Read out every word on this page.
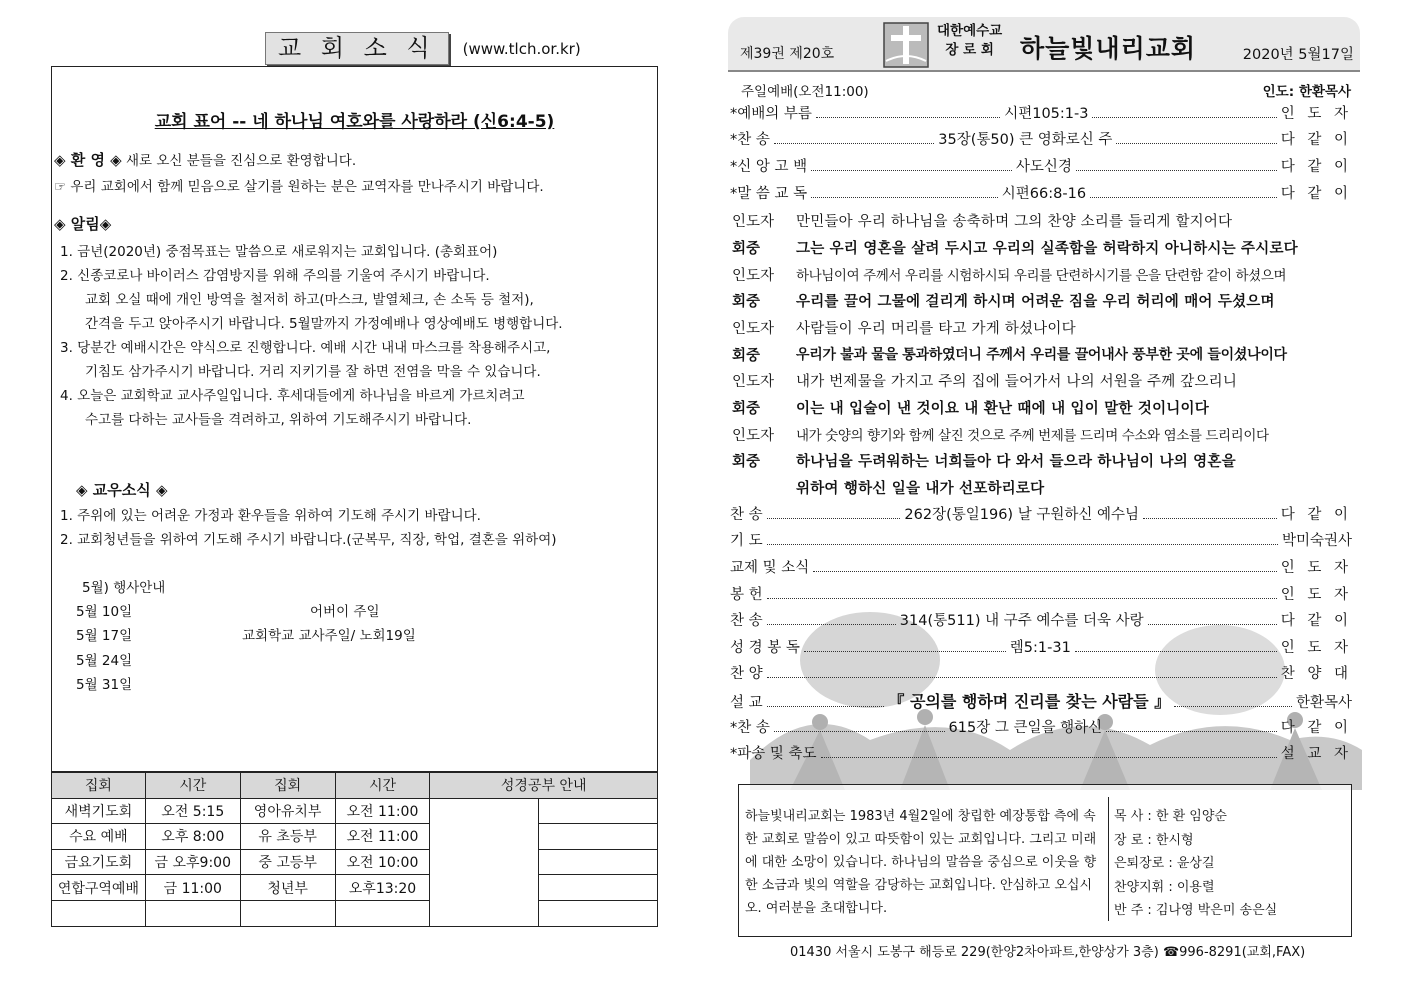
교 회 소 식	(www.tlch.or.kr)
교회 표어 -- 네 하나님 여호와를 사랑하라 (신6:4-5)
◈ 환 영 ◈ 새로 오신 분들을 진심으로 환영합니다.
☞ 우리 교회에서 함께 믿음으로 살기를 원하는 분은 교역자를 만나주시기 바랍니다.
◈ 알림◈
1. 금년(2020년) 중점목표는 말씀으로 새로워지는 교회입니다. (총회표어)
2. 신종코로나 바이러스 감염방지를 위해 주의를 기울여 주시기 바랍니다.
교회 오실 때에 개인 방역을 철저히 하고(마스크, 발열체크, 손 소독 등 철저),
간격을 두고 앉아주시기 바랍니다. 5월말까지 가정예배나 영상예배도 병행합니다.
3. 당분간 예배시간은 약식으로 진행합니다. 예배 시간 내내 마스크를 착용해주시고,
기침도 삼가주시기 바랍니다. 거리 지키기를 잘 하면 전염을 막을 수 있습니다.
4. 오늘은 교회학교 교사주일입니다. 후세대들에게 하나님을 바르게 가르치려고
수고를 다하는 교사들을 격려하고, 위하여 기도해주시기 바랍니다.
◈ 교우소식 ◈
1. 주위에 있는 어려운 가정과 환우들을 위하여 기도해 주시기 바랍니다.
2. 교회청년들을 위하여 기도해 주시기 바랍니다.(군복무, 직장, 학업, 결혼을 위하여)
5월) 행사안내
5월 10일	어버이 주일
5월 17일	교회학교 교사주일/ 노회19일
5월 24일
5월 31일
집회	시간	집회	시간	성경공부 안내	
새벽기도회	오전 5:15	영아유치부	오전 11:00		
수요 예배	오후 8:00	유 초등부	오전 11:00		
금요기도회	금 오후9:00	중 고등부	오전 10:00		
연합구역예배	금 11:00	청년부	오후13:20		

제39권 제20호
대한예수교
장 로 회	하늘빛내리교회	2020년 5월17일
주일예배(오전11:00)	인도: 한환목사
*예배의 부름	시편105:1-3	인 도 자
*찬 송	35장(통50) 큰 영화로신 주	다 같 이
*신 앙 고 백	사도신경	다 같 이
*말 씀 교 독	시편66:8-16	다 같 이
인도자	만민들아 우리 하나님을 송축하며 그의 찬양 소리를 들리게 할지어다
회중	그는 우리 영혼을 살려 두시고 우리의 실족함을 허락하지 아니하시는 주시로다
인도자	하나님이여 주께서 우리를 시험하시되 우리를 단련하시기를 은을 단련함 같이 하셨으며
회중	우리를 끌어 그물에 걸리게 하시며 어려운 짐을 우리 허리에 매어 두셨으며
인도자	사람들이 우리 머리를 타고 가게 하셨나이다
회중	우리가 불과 물을 통과하였더니 주께서 우리를 끌어내사 풍부한 곳에 들이셨나이다
인도자	내가 번제물을 가지고 주의 집에 들어가서 나의 서원을 주께 갚으리니
회중	이는 내 입술이 낸 것이요 내 환난 때에 내 입이 말한 것이니이다
인도자	내가 숫양의 향기와 함께 살진 것으로 주께 번제를 드리며 수소와 염소를 드리리이다
회중	하나님을 두려워하는 너희들아 다 와서 들으라 하나님이 나의 영혼을
위하여 행하신 일을 내가 선포하리로다
찬 송	262장(통일196) 날 구원하신 예수님	다 같 이
기 도	박미숙권사
교제 및 소식	인 도 자
봉 헌	인 도 자
찬 송	314(통511) 내 구주 예수를 더욱 사랑	다 같 이
성 경 봉 독	렘5:1-31	인 도 자
찬 양	찬 양 대
설 교	『 공의를 행하며 진리를 찾는 사람들 』	한환목사
*찬 송	615장 그 큰일을 행하신	다 같 이
*파송 및 축도	설 교 자
하늘빛내리교회는 1983년 4월2일에 창립한 예장통합 측에 속한 교회로 말씀이 있고 따뜻함이 있는 교회입니다. 그리고 미래에 대한 소망이 있습니다. 하나님의 말씀을 중심으로 이웃을 향한 소금과 빛의 역할을 감당하는 교회입니다. 안심하고 오십시오. 여러분을 초대합니다.
목 사 : 한 환 임양순
장 로 : 한시형
은퇴장로 : 윤상길
찬양지휘 : 이용렬
반 주 : 김나영 박은미 송은실
01430 서울시 도봉구 해등로 229(한양2차아파트,한양상가 3층) ☎996-8291(교회,FAX)
